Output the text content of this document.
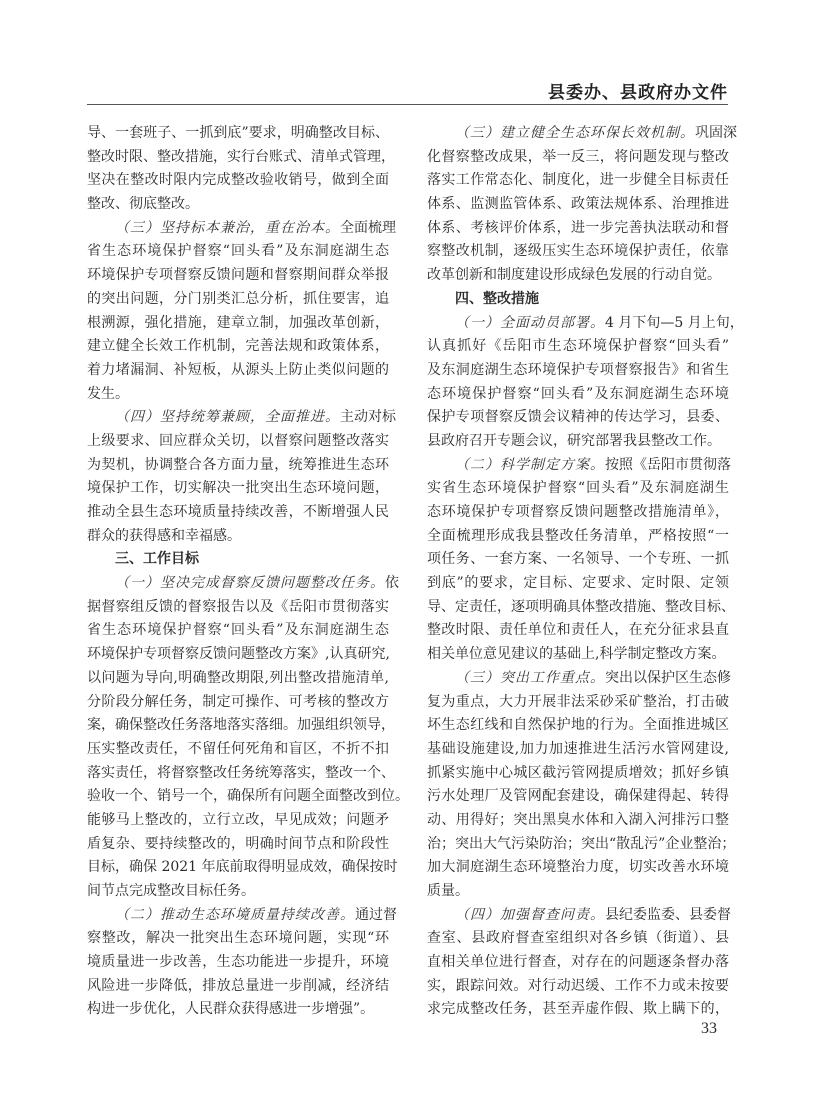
县委办、县政府办文件
导、一套班子、一抓到底”要求，明确整改目标、
整改时限、整改措施，实行台账式、清单式管理，
坚决在整改时限内完成整改验收销号，做到全面
整改、彻底整改。
（三）坚持标本兼治，重在治本。全面梳理
省生态环境保护督察“回头看”及东洞庭湖生态
环境保护专项督察反馈问题和督察期间群众举报
的突出问题，分门别类汇总分析，抓住要害，追
根溯源，强化措施，建章立制，加强改革创新，
建立健全长效工作机制，完善法规和政策体系，
着力堵漏洞、补短板，从源头上防止类似问题的
发生。
（四）坚持统筹兼顾，全面推进。主动对标
上级要求、回应群众关切，以督察问题整改落实
为契机，协调整合各方面力量，统筹推进生态环
境保护工作，切实解决一批突出生态环境问题，
推动全县生态环境质量持续改善，不断增强人民
群众的获得感和幸福感。
三、工作目标
（一）坚决完成督察反馈问题整改任务。依
据督察组反馈的督察报告以及《岳阳市贯彻落实
省生态环境保护督察“回头看”及东洞庭湖生态
环境保护专项督察反馈问题整改方案》,认真研究,
以问题为导向,明确整改期限,列出整改措施清单,
分阶段分解任务，制定可操作、可考核的整改方
案，确保整改任务落地落实落细。加强组织领导，
压实整改责任，不留任何死角和盲区，不折不扣
落实责任，将督察整改任务统筹落实，整改一个、
验收一个、销号一个，确保所有问题全面整改到位。
能够马上整改的，立行立改，早见成效；问题矛
盾复杂、要持续整改的，明确时间节点和阶段性
目标，确保 2021 年底前取得明显成效，确保按时
间节点完成整改目标任务。
（二）推动生态环境质量持续改善。通过督
察整改，解决一批突出生态环境问题，实现“环
境质量进一步改善，生态功能进一步提升，环境
风险进一步降低，排放总量进一步削减，经济结
构进一步优化，人民群众获得感进一步增强”。
（三）建立健全生态环保长效机制。巩固深
化督察整改成果，举一反三，将问题发现与整改
落实工作常态化、制度化，进一步健全目标责任
体系、监测监管体系、政策法规体系、治理推进
体系、考核评价体系，进一步完善执法联动和督
察整改机制，逐级压实生态环境保护责任，依靠
改革创新和制度建设形成绿色发展的行动自觉。
四、整改措施
（一）全面动员部署。4 月下旬—5 月上旬，
认真抓好《岳阳市生态环境保护督察“回头看”
及东洞庭湖生态环境保护专项督察报告》和省生
态环境保护督察“回头看”及东洞庭湖生态环境
保护专项督察反馈会议精神的传达学习，县委、
县政府召开专题会议，研究部署我县整改工作。
（二）科学制定方案。按照《岳阳市贯彻落
实省生态环境保护督察“回头看”及东洞庭湖生
态环境保护专项督察反馈问题整改措施清单》，
全面梳理形成我县整改任务清单，严格按照“一
项任务、一套方案、一名领导、一个专班、一抓
到底”的要求，定目标、定要求、定时限、定领
导、定责任，逐项明确具体整改措施、整改目标、
整改时限、责任单位和责任人，在充分征求县直
相关单位意见建议的基础上,科学制定整改方案。
（三）突出工作重点。突出以保护区生态修
复为重点，大力开展非法采砂采矿整治，打击破
坏生态红线和自然保护地的行为。全面推进城区
基础设施建设,加力加速推进生活污水管网建设,
抓紧实施中心城区截污管网提质增效；抓好乡镇
污水处理厂及管网配套建设，确保建得起、转得
动、用得好；突出黑臭水体和入湖入河排污口整
治；突出大气污染防治；突出“散乱污”企业整治；
加大洞庭湖生态环境整治力度，切实改善水环境
质量。
（四）加强督查问责。县纪委监委、县委督
查室、县政府督查室组织对各乡镇（街道）、县
直相关单位进行督查，对存在的问题逐条督办落
实，跟踪问效。对行动迟缓、工作不力或未按要
求完成整改任务，甚至弄虚作假、欺上瞒下的，
33
